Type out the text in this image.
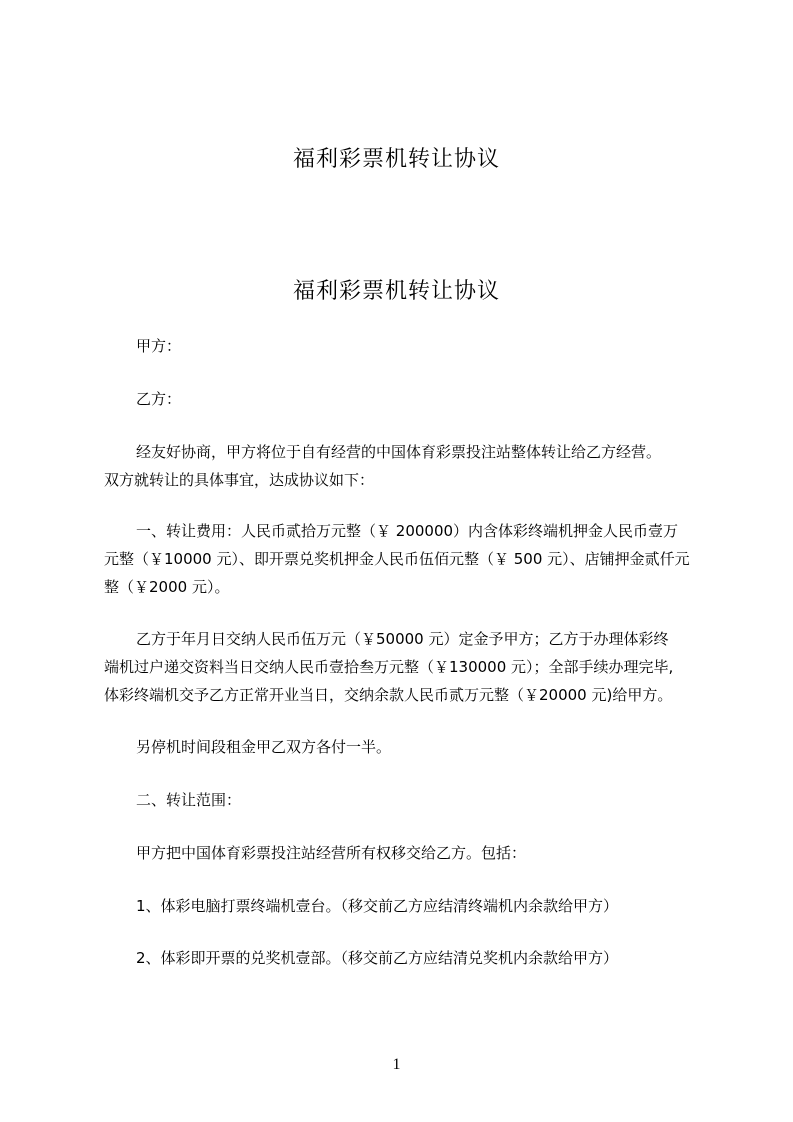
福利彩票机转让协议
福利彩票机转让协议
甲方：
乙方：
经友好协商，甲方将位于自有经营的中国体育彩票投注站整体转让给乙方经营。
双方就转让的具体事宜，达成协议如下：
一、转让费用：人民币贰拾万元整（￥ 200000）内含体彩终端机押金人民币壹万
元整（￥10000 元）、即开票兑奖机押金人民币伍佰元整（￥ 500 元）、店铺押金贰仟元
整（￥2000 元）。
乙方于年月日交纳人民币伍万元（￥50000 元）定金予甲方；乙方于办理体彩终
端机过户递交资料当日交纳人民币壹拾叁万元整（￥130000 元）；全部手续办理完毕,
体彩终端机交予乙方正常开业当日，交纳余款人民币贰万元整（￥20000 元)给甲方。
另停机时间段租金甲乙双方各付一半。
二、转让范围：
甲方把中国体育彩票投注站经营所有权移交给乙方。包括：
1、体彩电脑打票终端机壹台。（移交前乙方应结清终端机内余款给甲方）
2、体彩即开票的兑奖机壹部。（移交前乙方应结清兑奖机内余款给甲方）
1
